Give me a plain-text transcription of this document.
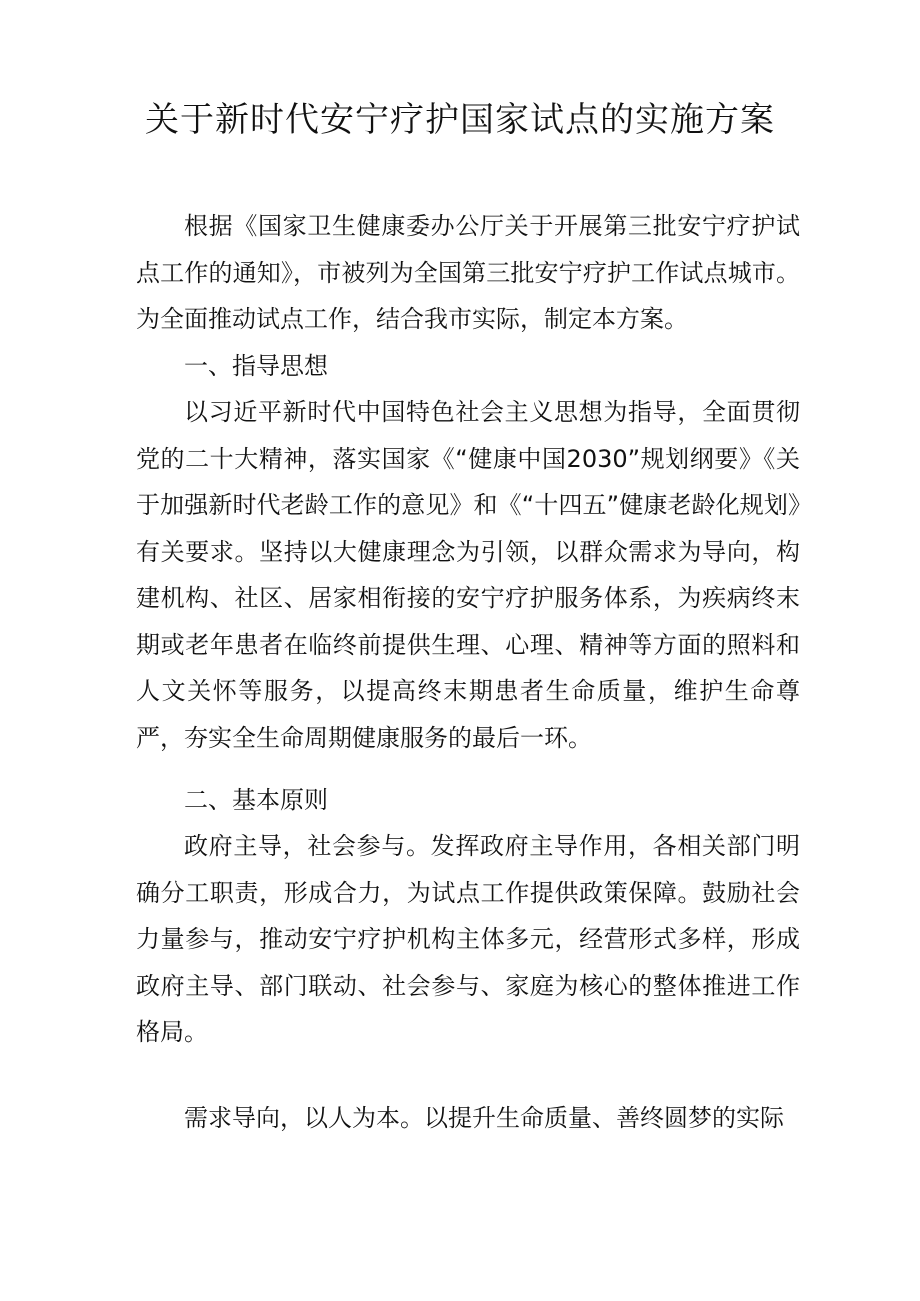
关于新时代安宁疗护国家试点的实施方案

根据《国家卫生健康委办公厅关于开展第三批安宁疗护试点工作的通知》，市被列为全国第三批安宁疗护工作试点城市。为全面推动试点工作，结合我市实际，制定本方案。

一、指导思想

以习近平新时代中国特色社会主义思想为指导，全面贯彻党的二十大精神，落实国家《“健康中国2030”规划纲要》《关于加强新时代老龄工作的意见》和《“十四五”健康老龄化规划》有关要求。坚持以大健康理念为引领，以群众需求为导向，构建机构、社区、居家相衔接的安宁疗护服务体系，为疾病终末期或老年患者在临终前提供生理、心理、精神等方面的照料和人文关怀等服务，以提高终末期患者生命质量，维护生命尊严，夯实全生命周期健康服务的最后一环。

二、基本原则

政府主导，社会参与。发挥政府主导作用，各相关部门明确分工职责，形成合力，为试点工作提供政策保障。鼓励社会力量参与，推动安宁疗护机构主体多元，经营形式多样，形成政府主导、部门联动、社会参与、家庭为核心的整体推进工作格局。

需求导向，以人为本。以提升生命质量、善终圆梦的实际
